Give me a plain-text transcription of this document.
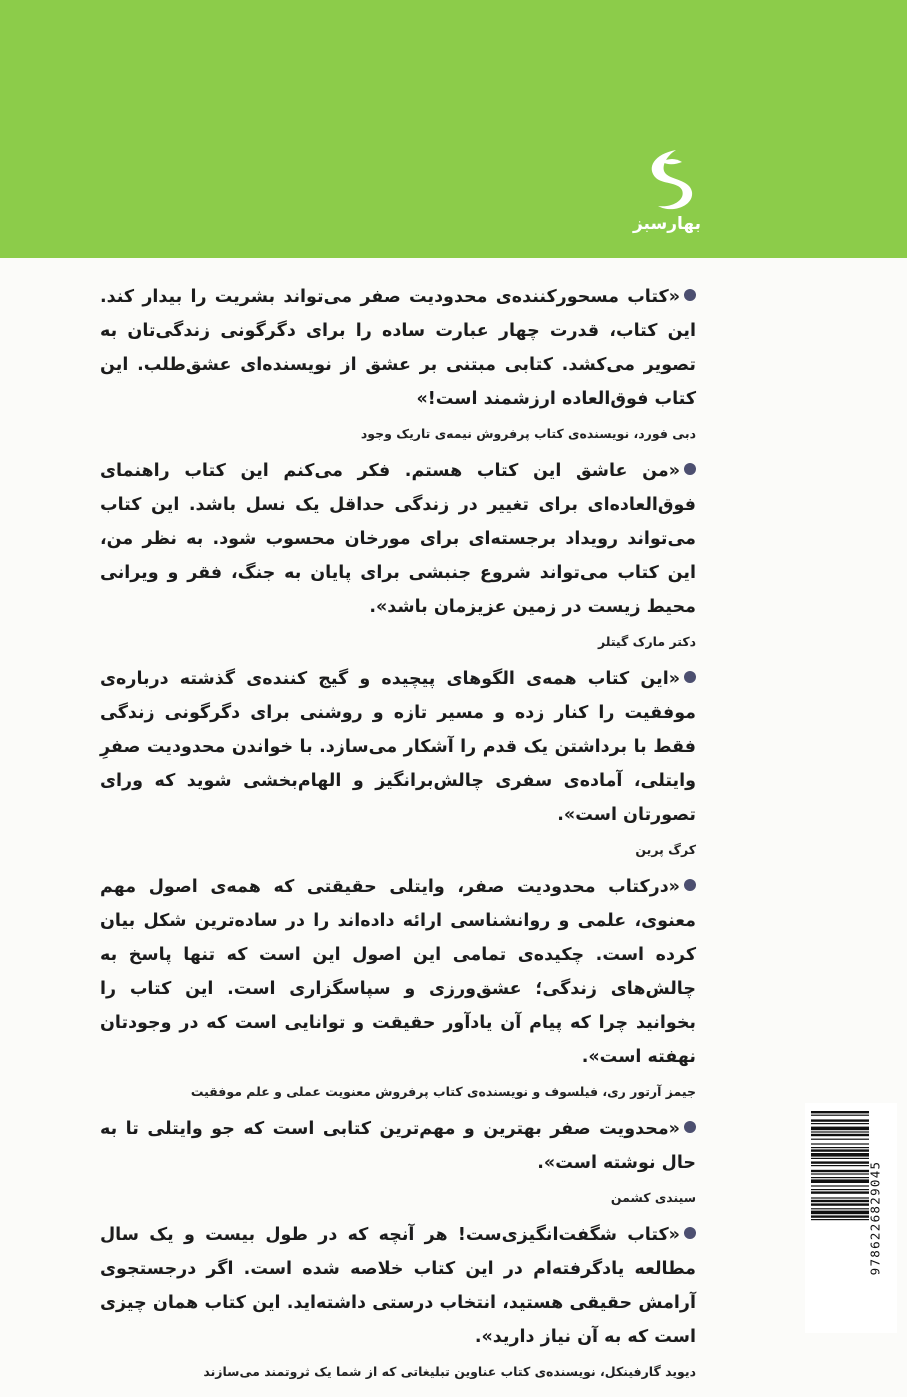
بهارسبز
«کتاب مسحورکننده‌ی محدودیت صفر می‌تواند بشریت را بیدار کند. این کتاب، قدرت چهار عبارت ساده را برای دگرگونی زندگی‌تان به تصویر می‌کشد. کتابی مبتنی بر عشق از نویسنده‌ای عشق‌طلب. این کتاب فوق‌العاده ارزشمند است!»
دبی فورد، نویسنده‌ی کتاب پرفروش نیمه‌ی تاریک وجود
«من عاشق این کتاب هستم. فکر می‌کنم این کتاب راهنمای فوق‌العاده‌ای برای تغییر در زندگی حداقل یک نسل باشد. این کتاب می‌تواند رویداد برجسته‌ای برای مورخان محسوب شود. به نظر من، این کتاب می‌تواند شروع جنبشی برای پایان به جنگ، فقر و ویرانی محیط زیست در زمین عزیزمان باشد».
دکتر مارک گیتلر
«این کتاب همه‌ی الگوهای پیچیده و گیج کننده‌ی گذشته درباره‌ی موفقیت را کنار زده و مسیر تازه و روشنی برای دگرگونی زندگی فقط با برداشتن یک قدم را آشکار می‌سازد. با خواندن محدودیت صفرِ وایتلی، آماده‌ی سفری چالش‌برانگیز و الهام‌بخشی شوید که ورای تصورتان است».
کرگ پرین
«درکتاب محدودیت صفر، وایتلی حقیقتی که همه‌ی اصول مهم معنوی، علمی و روانشناسی ارائه داده‌اند را در ساده‌ترین شکل بیان کرده است. چکیده‌ی تمامی این اصول این است که تنها پاسخ به چالش‌های زندگی؛ عشق‌ورزی و سپاسگزاری است. این کتاب را بخوانید چرا که پیام آن یادآور حقیقت و توانایی است که در وجودتان نهفته است».
جیمز آرتور ری، فیلسوف و نویسنده‌ی کتاب پرفروش معنویت عملی و علم موفقیت
«محدویت صفر بهترین و مهم‌ترین کتابی است که جو وایتلی تا به حال نوشته است».
سیندی کشمن
«کتاب شگفت‌انگیزی‌ست! هر آنچه که در طول بیست و یک سال مطالعه یادگرفته‌ام در این کتاب خلاصه شده است. اگر درجستجوی آرامش حقیقی هستید، انتخاب درستی داشته‌اید. این کتاب همان چیزی است که به آن نیاز دارید».
دیوید گارفینکل، نویسنده‌ی کتاب عناوین تبلیغاتی که از شما یک ثروتمند می‌سازند
9786226829045
